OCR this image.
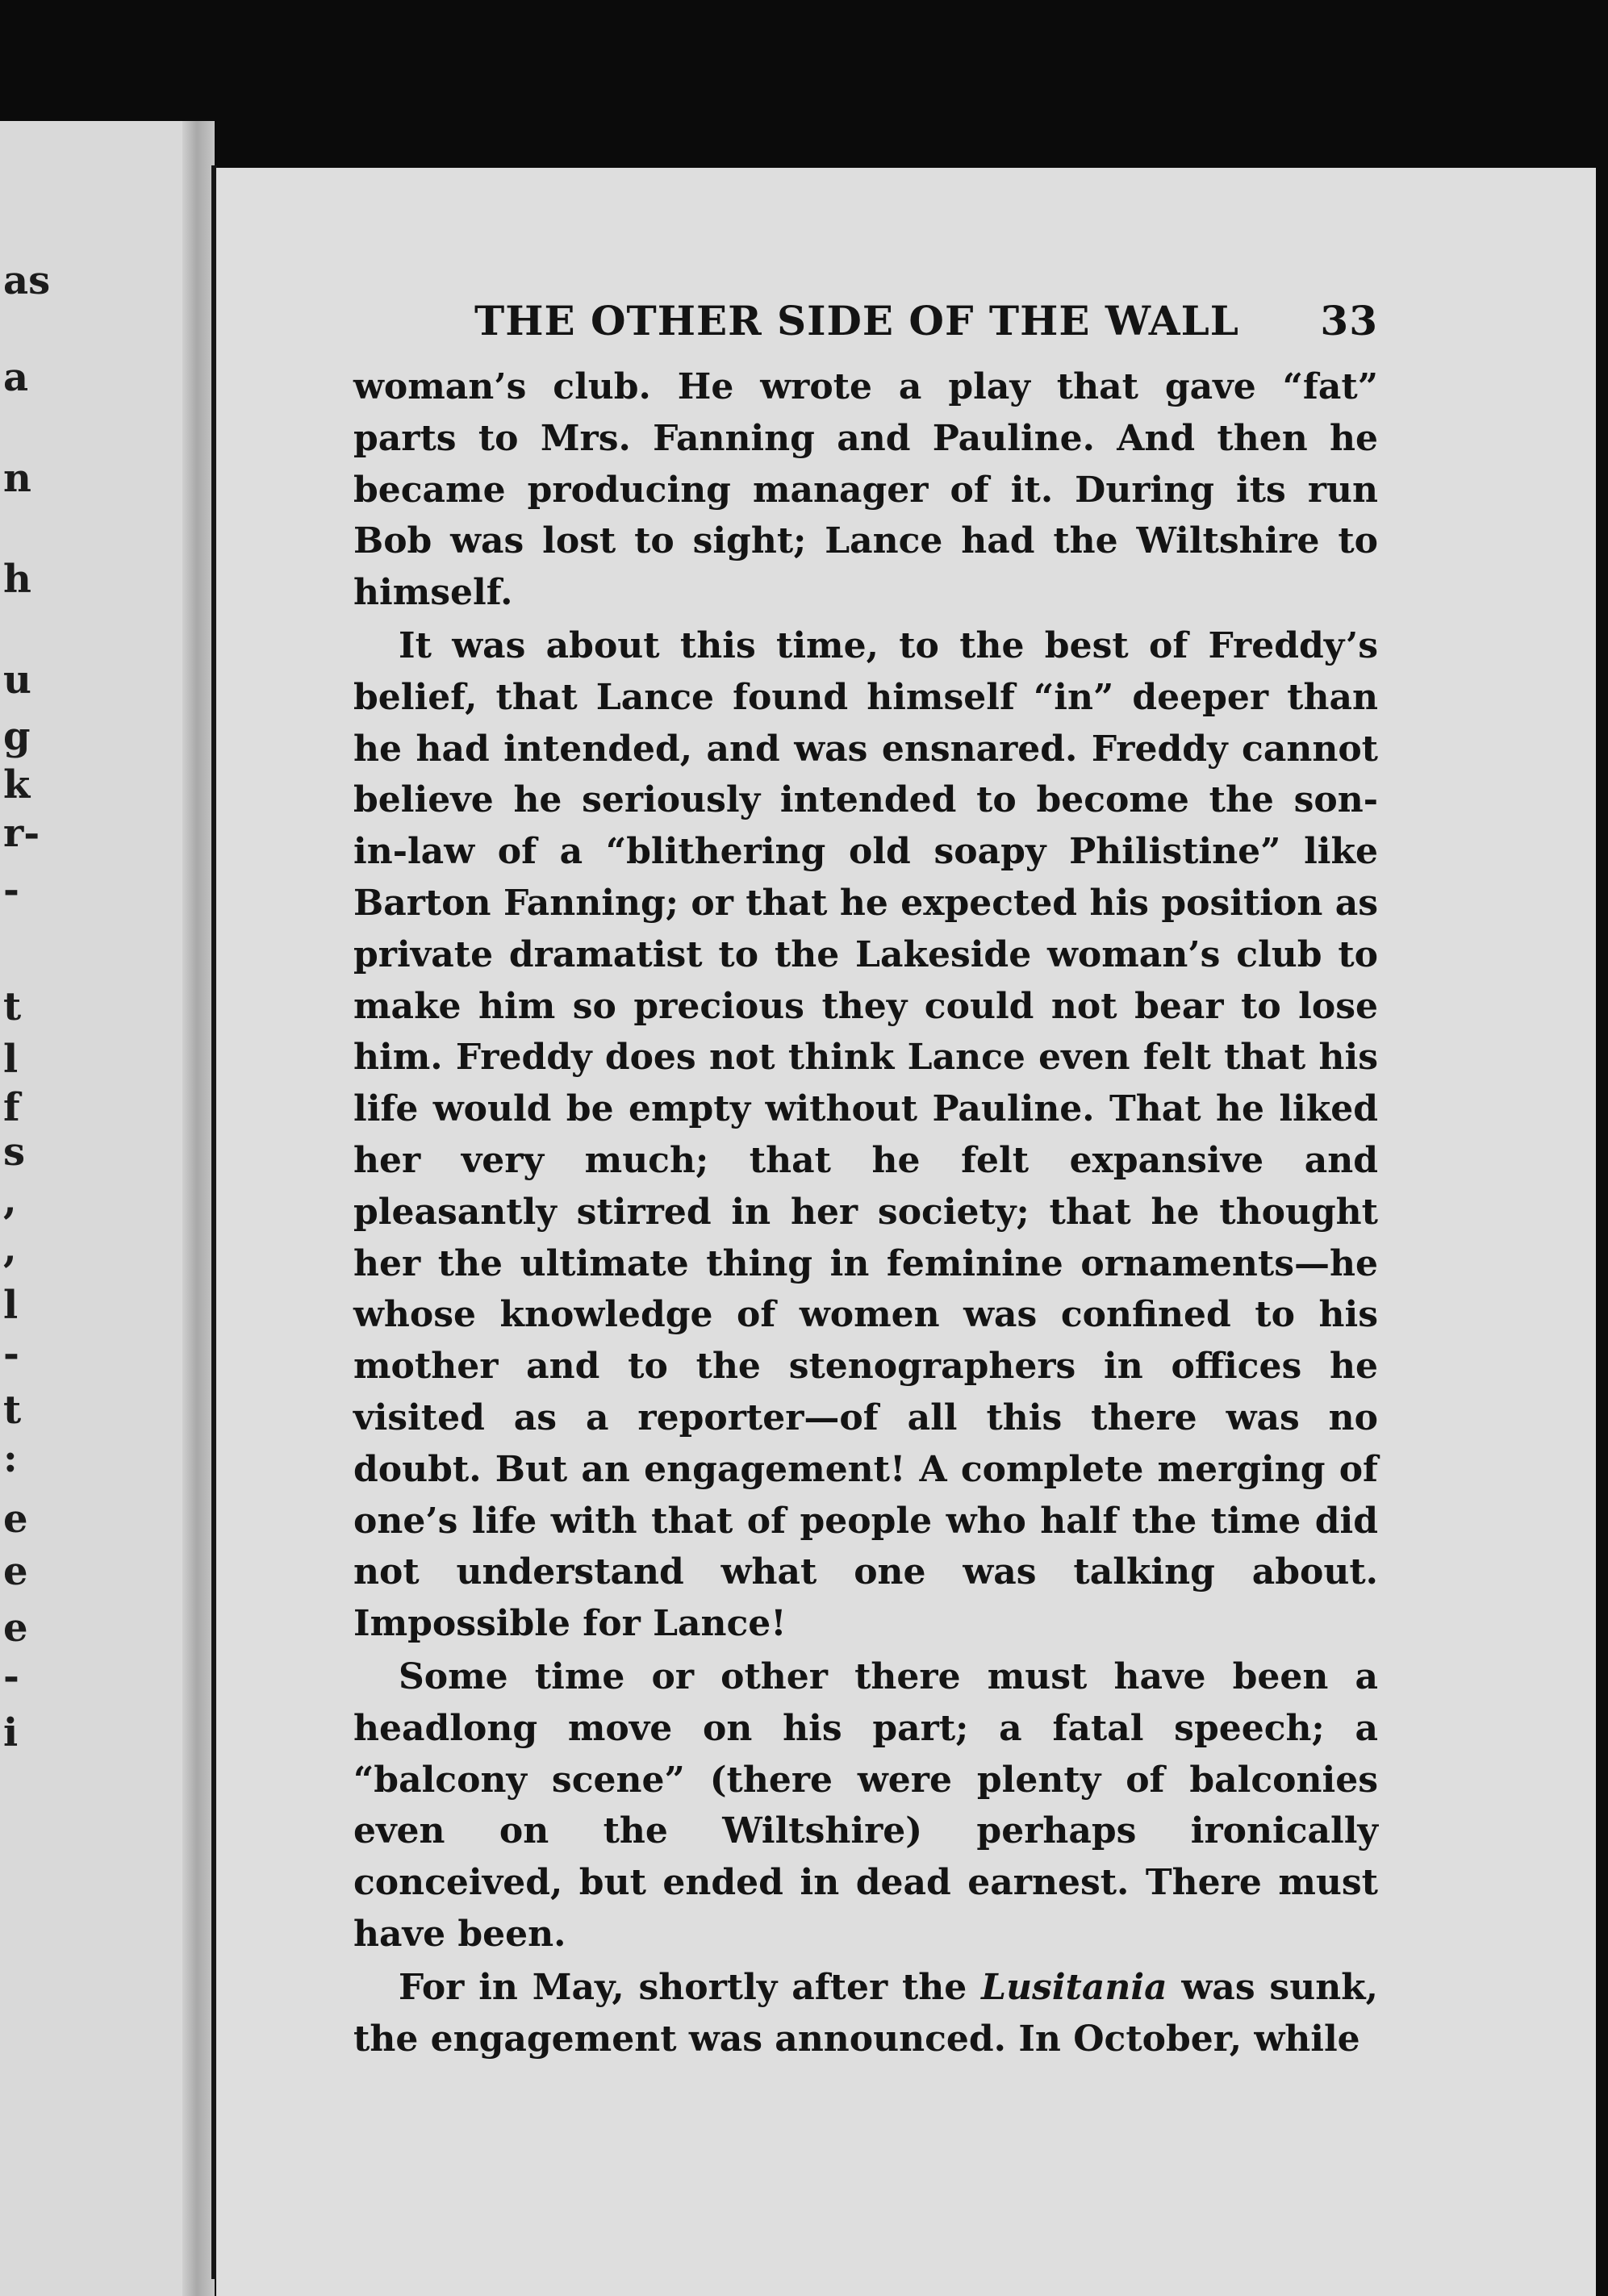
as
a
n
h
u
g
k
r-
-
t
l
f
s
,
,
l
-
t
:
e
e
e
-
i
THE OTHER SIDE OF THE WALL 33

woman’s club. He wrote a play that gave “fat” parts to Mrs. Fanning and Pauline. And then he became producing manager of it. During its run Bob was lost to sight; Lance had the Wiltshire to himself.

It was about this time, to the best of Freddy’s belief, that Lance found himself “in” deeper than he had intended, and was ensnared. Freddy cannot believe he seriously intended to become the son-in-law of a “blithering old soapy Philistine” like Barton Fanning; or that he expected his position as private dramatist to the Lakeside woman’s club to make him so precious they could not bear to lose him. Freddy does not think Lance even felt that his life would be empty without Pauline. That he liked her very much; that he felt expansive and pleasantly stirred in her society; that he thought her the ultimate thing in feminine ornaments—he whose knowledge of women was confined to his mother and to the stenographers in offices he visited as a reporter—of all this there was no doubt. But an engagement! A complete merging of one’s life with that of people who half the time did not understand what one was talking about. Impossible for Lance!

Some time or other there must have been a headlong move on his part; a fatal speech; a “balcony scene” (there were plenty of balconies even on the Wiltshire) perhaps ironically conceived, but ended in dead earnest. There must have been.

For in May, shortly after the Lusitania was sunk, the engagement was announced. In October, while
